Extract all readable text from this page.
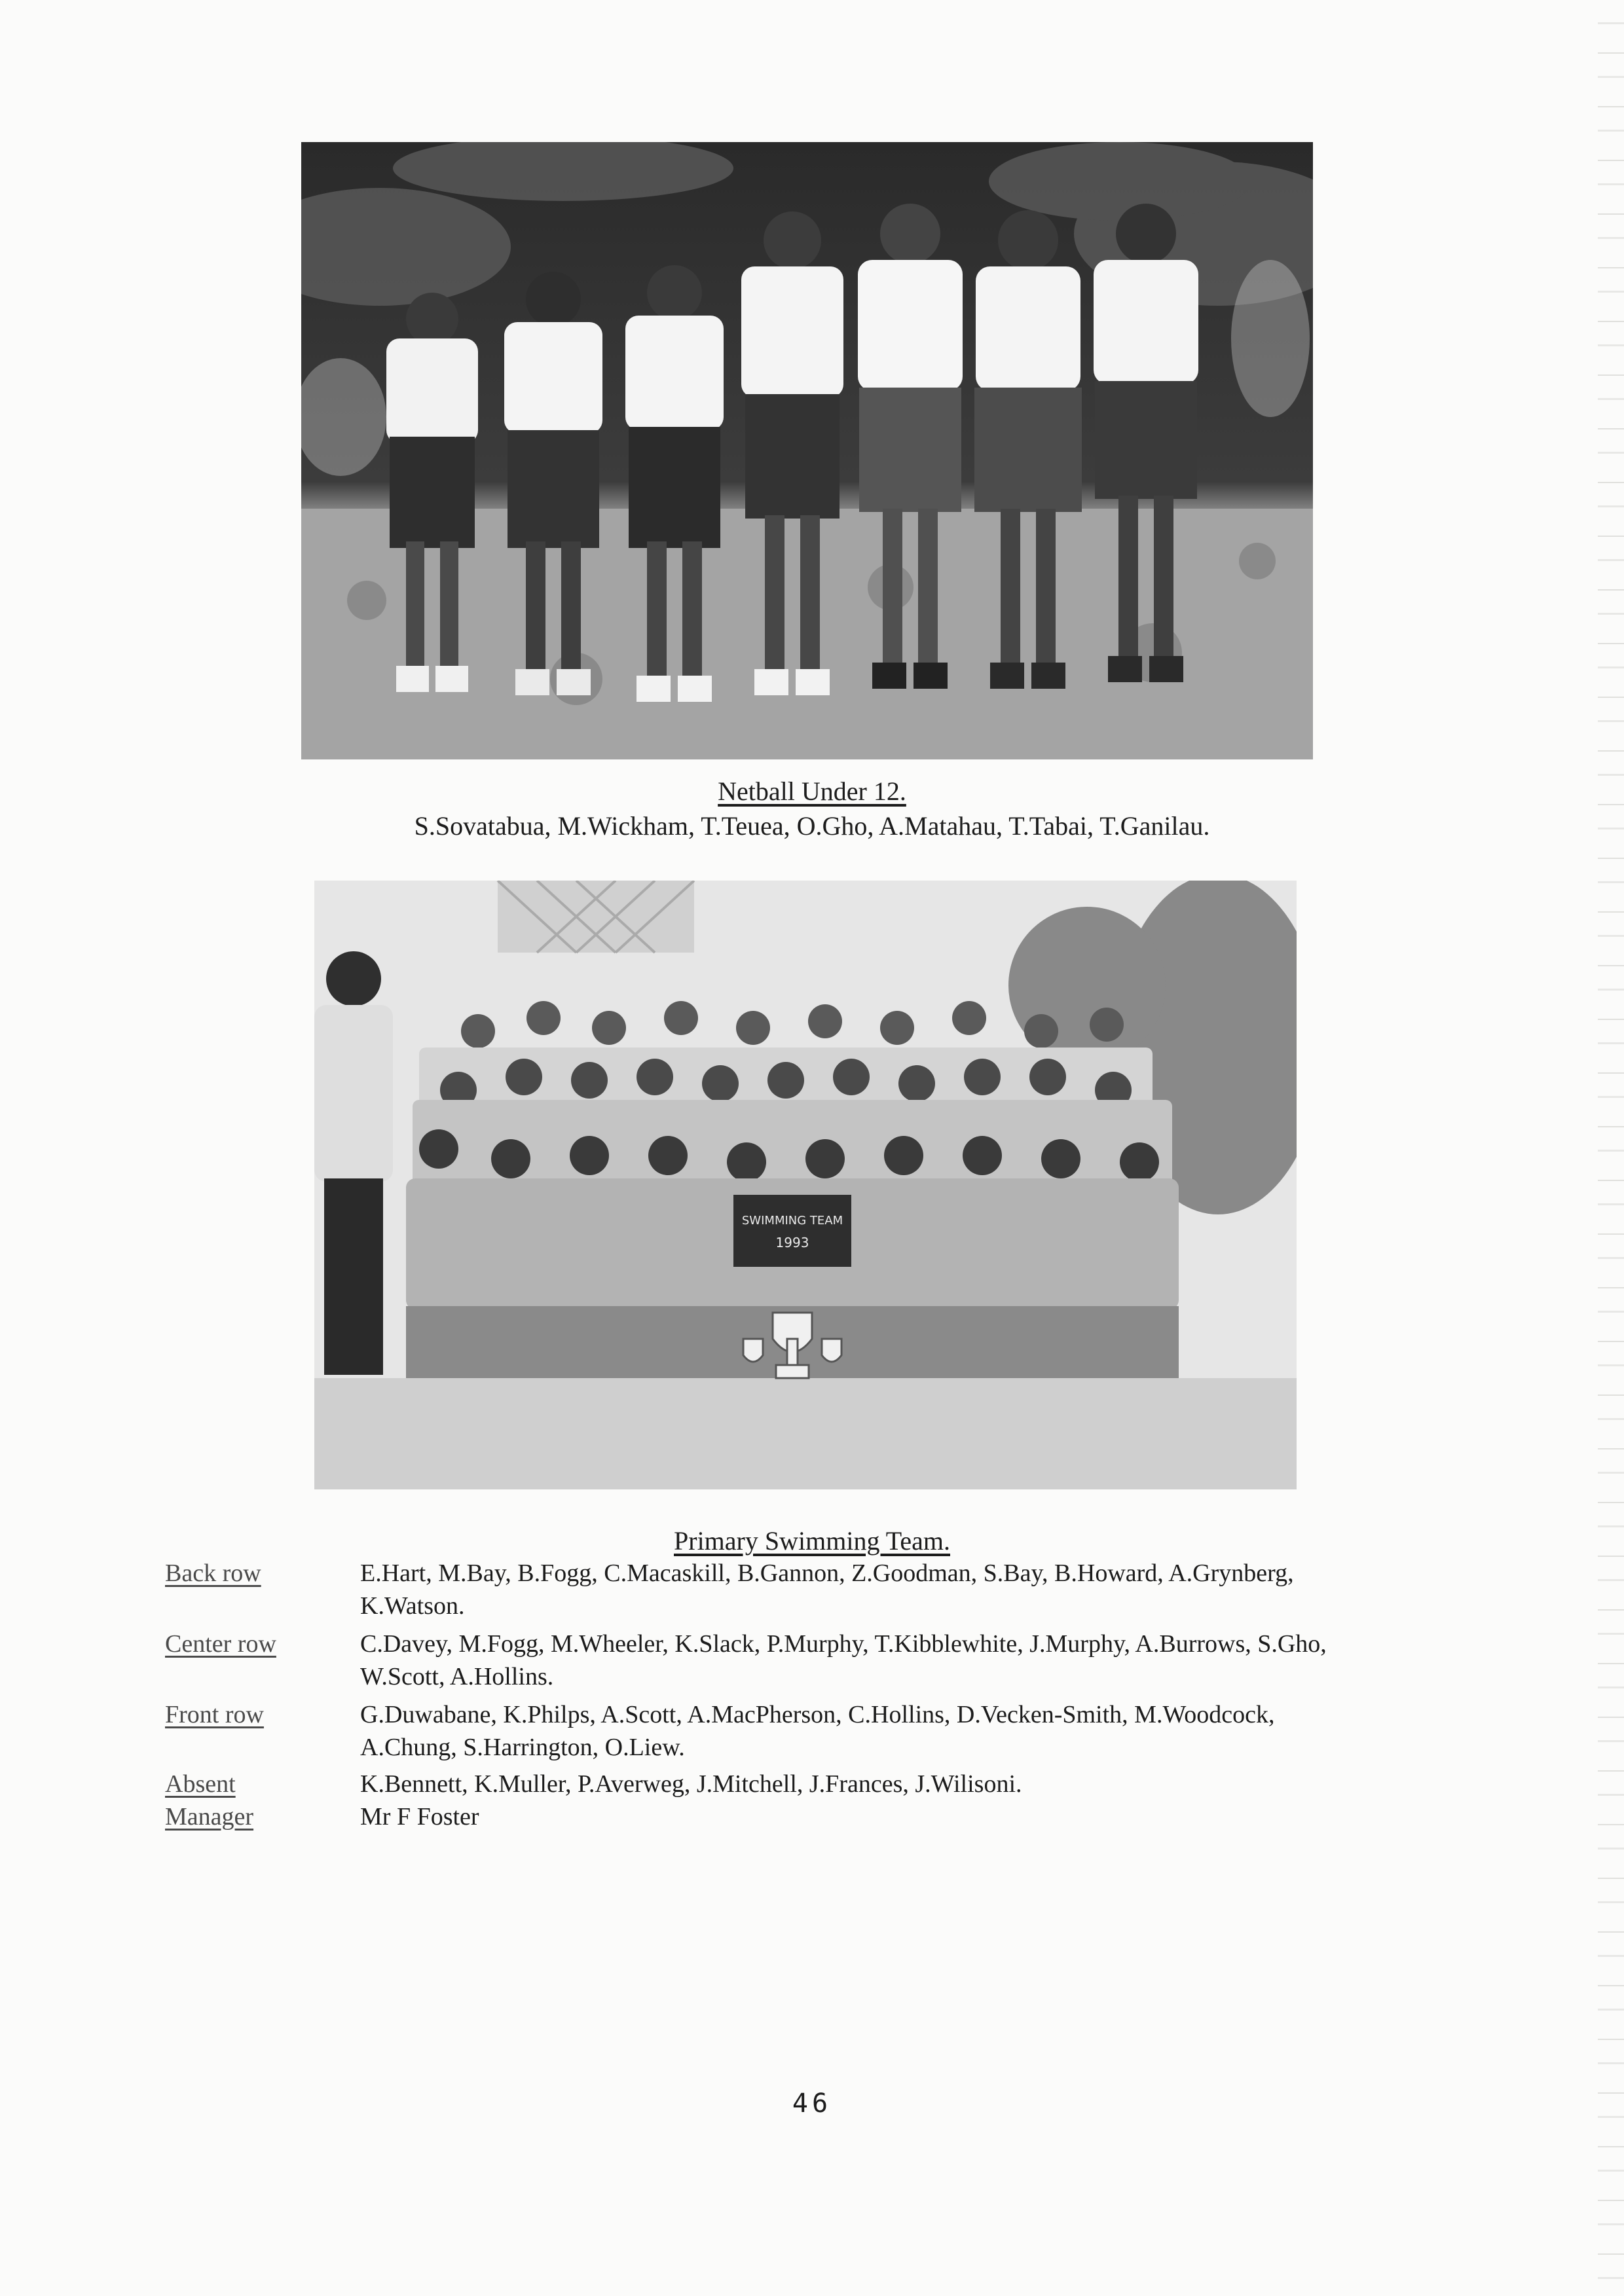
Netball Under 12.
S.Sovatabua, M.Wickham, T.Teuea, O.Gho, A.Matahau, T.Tabai, T.Ganilau.
SWIMMING TEAM
1993
Primary Swimming Team.
Back row	E.Hart, M.Bay, B.Fogg, C.Macaskill, B.Gannon, Z.Goodman, S.Bay, B.Howard, A.Grynberg, K.Watson.
Center row	C.Davey, M.Fogg, M.Wheeler, K.Slack, P.Murphy, T.Kibblewhite, J.Murphy, A.Burrows, S.Gho, W.Scott, A.Hollins.
Front row	G.Duwabane, K.Philps, A.Scott, A.MacPherson, C.Hollins, D.Vecken-Smith, M.Woodcock, A.Chung, S.Harrington, O.Liew.
Absent	K.Bennett, K.Muller, P.Averweg, J.Mitchell, J.Frances, J.Wilisoni.
Manager	Mr F Foster
46
